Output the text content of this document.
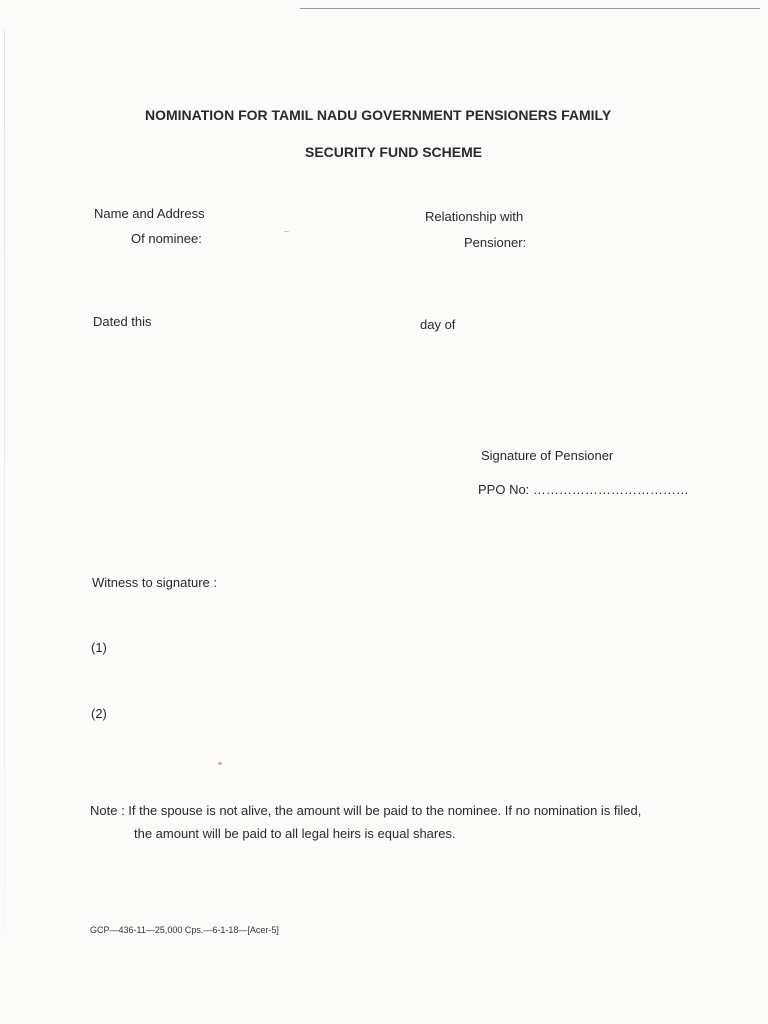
NOMINATION FOR TAMIL NADU GOVERNMENT PENSIONERS FAMILY
SECURITY FUND SCHEME
Name and Address
Of nominee:
Relationship with
Pensioner:
Dated this	day of
Signature of Pensioner
PPO No: ………………………………
Witness to signature :
(1)
(2)
Note : If the spouse is not alive, the amount will be paid to the nominee. If no nomination is filed,
the amount will be paid to all legal heirs is equal shares.
GCP—436-11—25,000 Cps.—6-1-18—[Acer-5]
